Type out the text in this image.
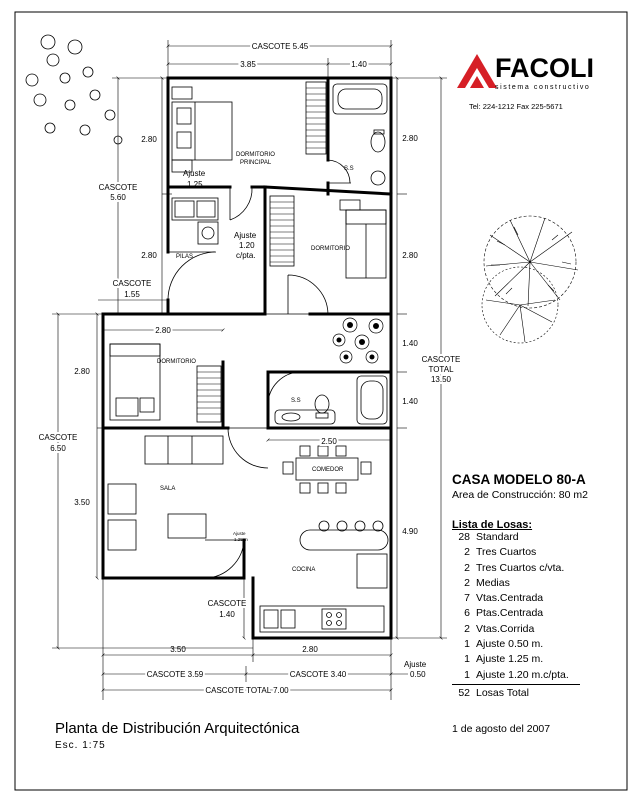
DORMITORIO
PRINCIPAL
S.S
DORMITORIO
PILAS
DORMITORIO
S.S
SALA
COMEDOR
COCINA
Ajuste
1.25 m
Ajuste
1.25
Ajuste
1.20
c/pta.
Ajuste
0.50
CASCOTE 5.45
3.85	1.40
2.80
2.80
CASCOTE
5.60
CASCOTE
1.55
2.80
2.80
CASCOTE
6.50
3.50
2.80
2.80
1.40
1.40
CASCOTE
TOTAL
13.50
4.90
2.50
CASCOTE
1.40
3.50	2.80
CASCOTE 3.59	CASCOTE 3.40
CASCOTE TOTAL 7.00
FACOLI
sistema constructivo
Tel: 224-1212 Fax 225-5671
CASA MODELO 80-A
Area de Construcción: 80 m2
Lista de Losas:
28 Standard
2 Tres Cuartos
2 Tres Cuartos c/vta.
2 Medias
7 Vtas.Centrada
6 Ptas.Centrada
2 Vtas.Corrida
1 Ajuste 0.50 m.
1 Ajuste 1.25 m.
1 Ajuste 1.20 m.c/pta.
52 Losas Total
Planta de Distribución Arquitectónica
Esc. 1:75
1 de agosto del 2007
